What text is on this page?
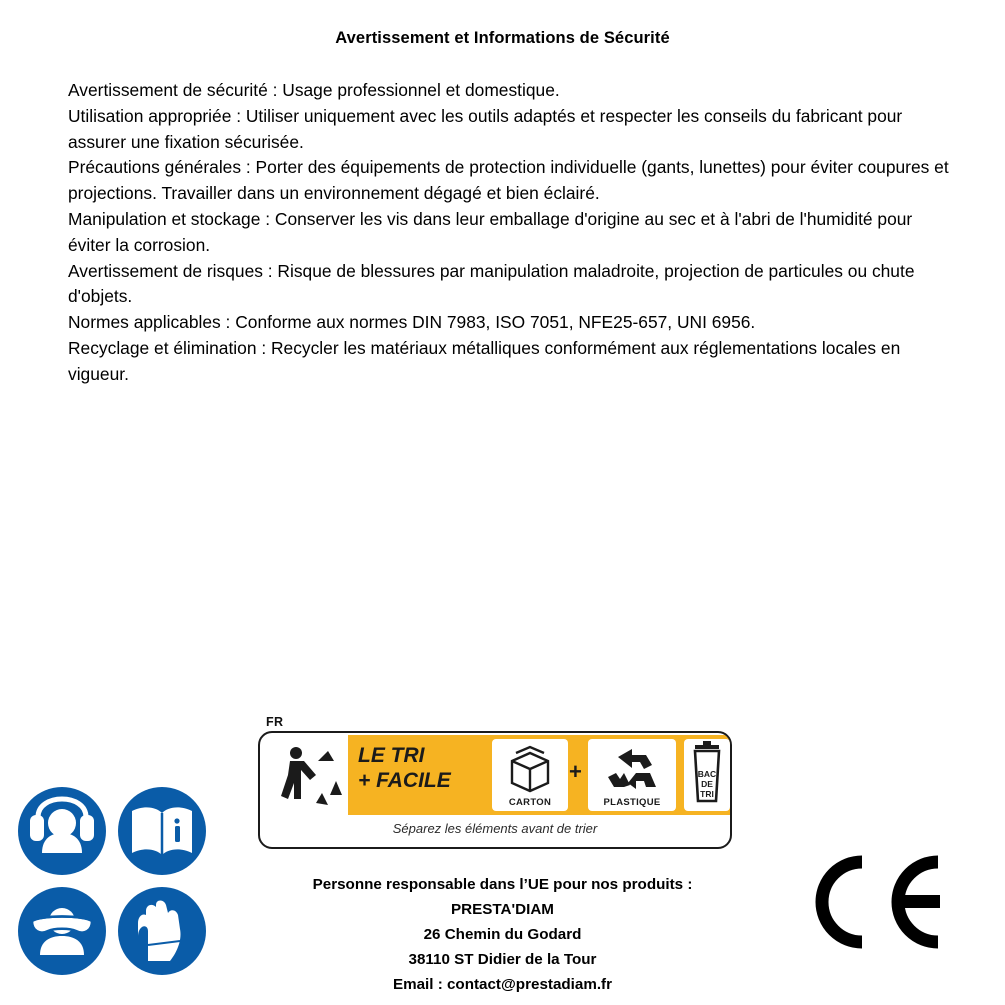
Avertissement et Informations de Sécurité

Avertissement de sécurité : Usage professionnel et domestique.

Utilisation appropriée : Utiliser uniquement avec les outils adaptés et respecter les conseils du fabricant pour assurer une fixation sécurisée.

Précautions générales : Porter des équipements de protection individuelle (gants, lunettes) pour éviter coupures et projections. Travailler dans un environnement dégagé et bien éclairé.

Manipulation et stockage : Conserver les vis dans leur emballage d'origine au sec et à l'abri de l'humidité pour éviter la corrosion.

Avertissement de risques : Risque de blessures par manipulation maladroite, projection de particules ou chute d'objets.

Normes applicables : Conforme aux normes DIN 7983, ISO 7051, NFE25-657, UNI 6956.

Recyclage et élimination : Recycler les matériaux métalliques conformément aux réglementations locales en vigueur.

FR
LE TRI
+ FACILE
CARTON
+
PLASTIQUE
BAC
DE
TRI
Séparez les éléments avant de trier
Personne responsable dans l’UE pour nos produits :
PRESTA'DIAM
26 Chemin du Godard
38110 ST Didier de la Tour
Email : contact@prestadiam.fr
